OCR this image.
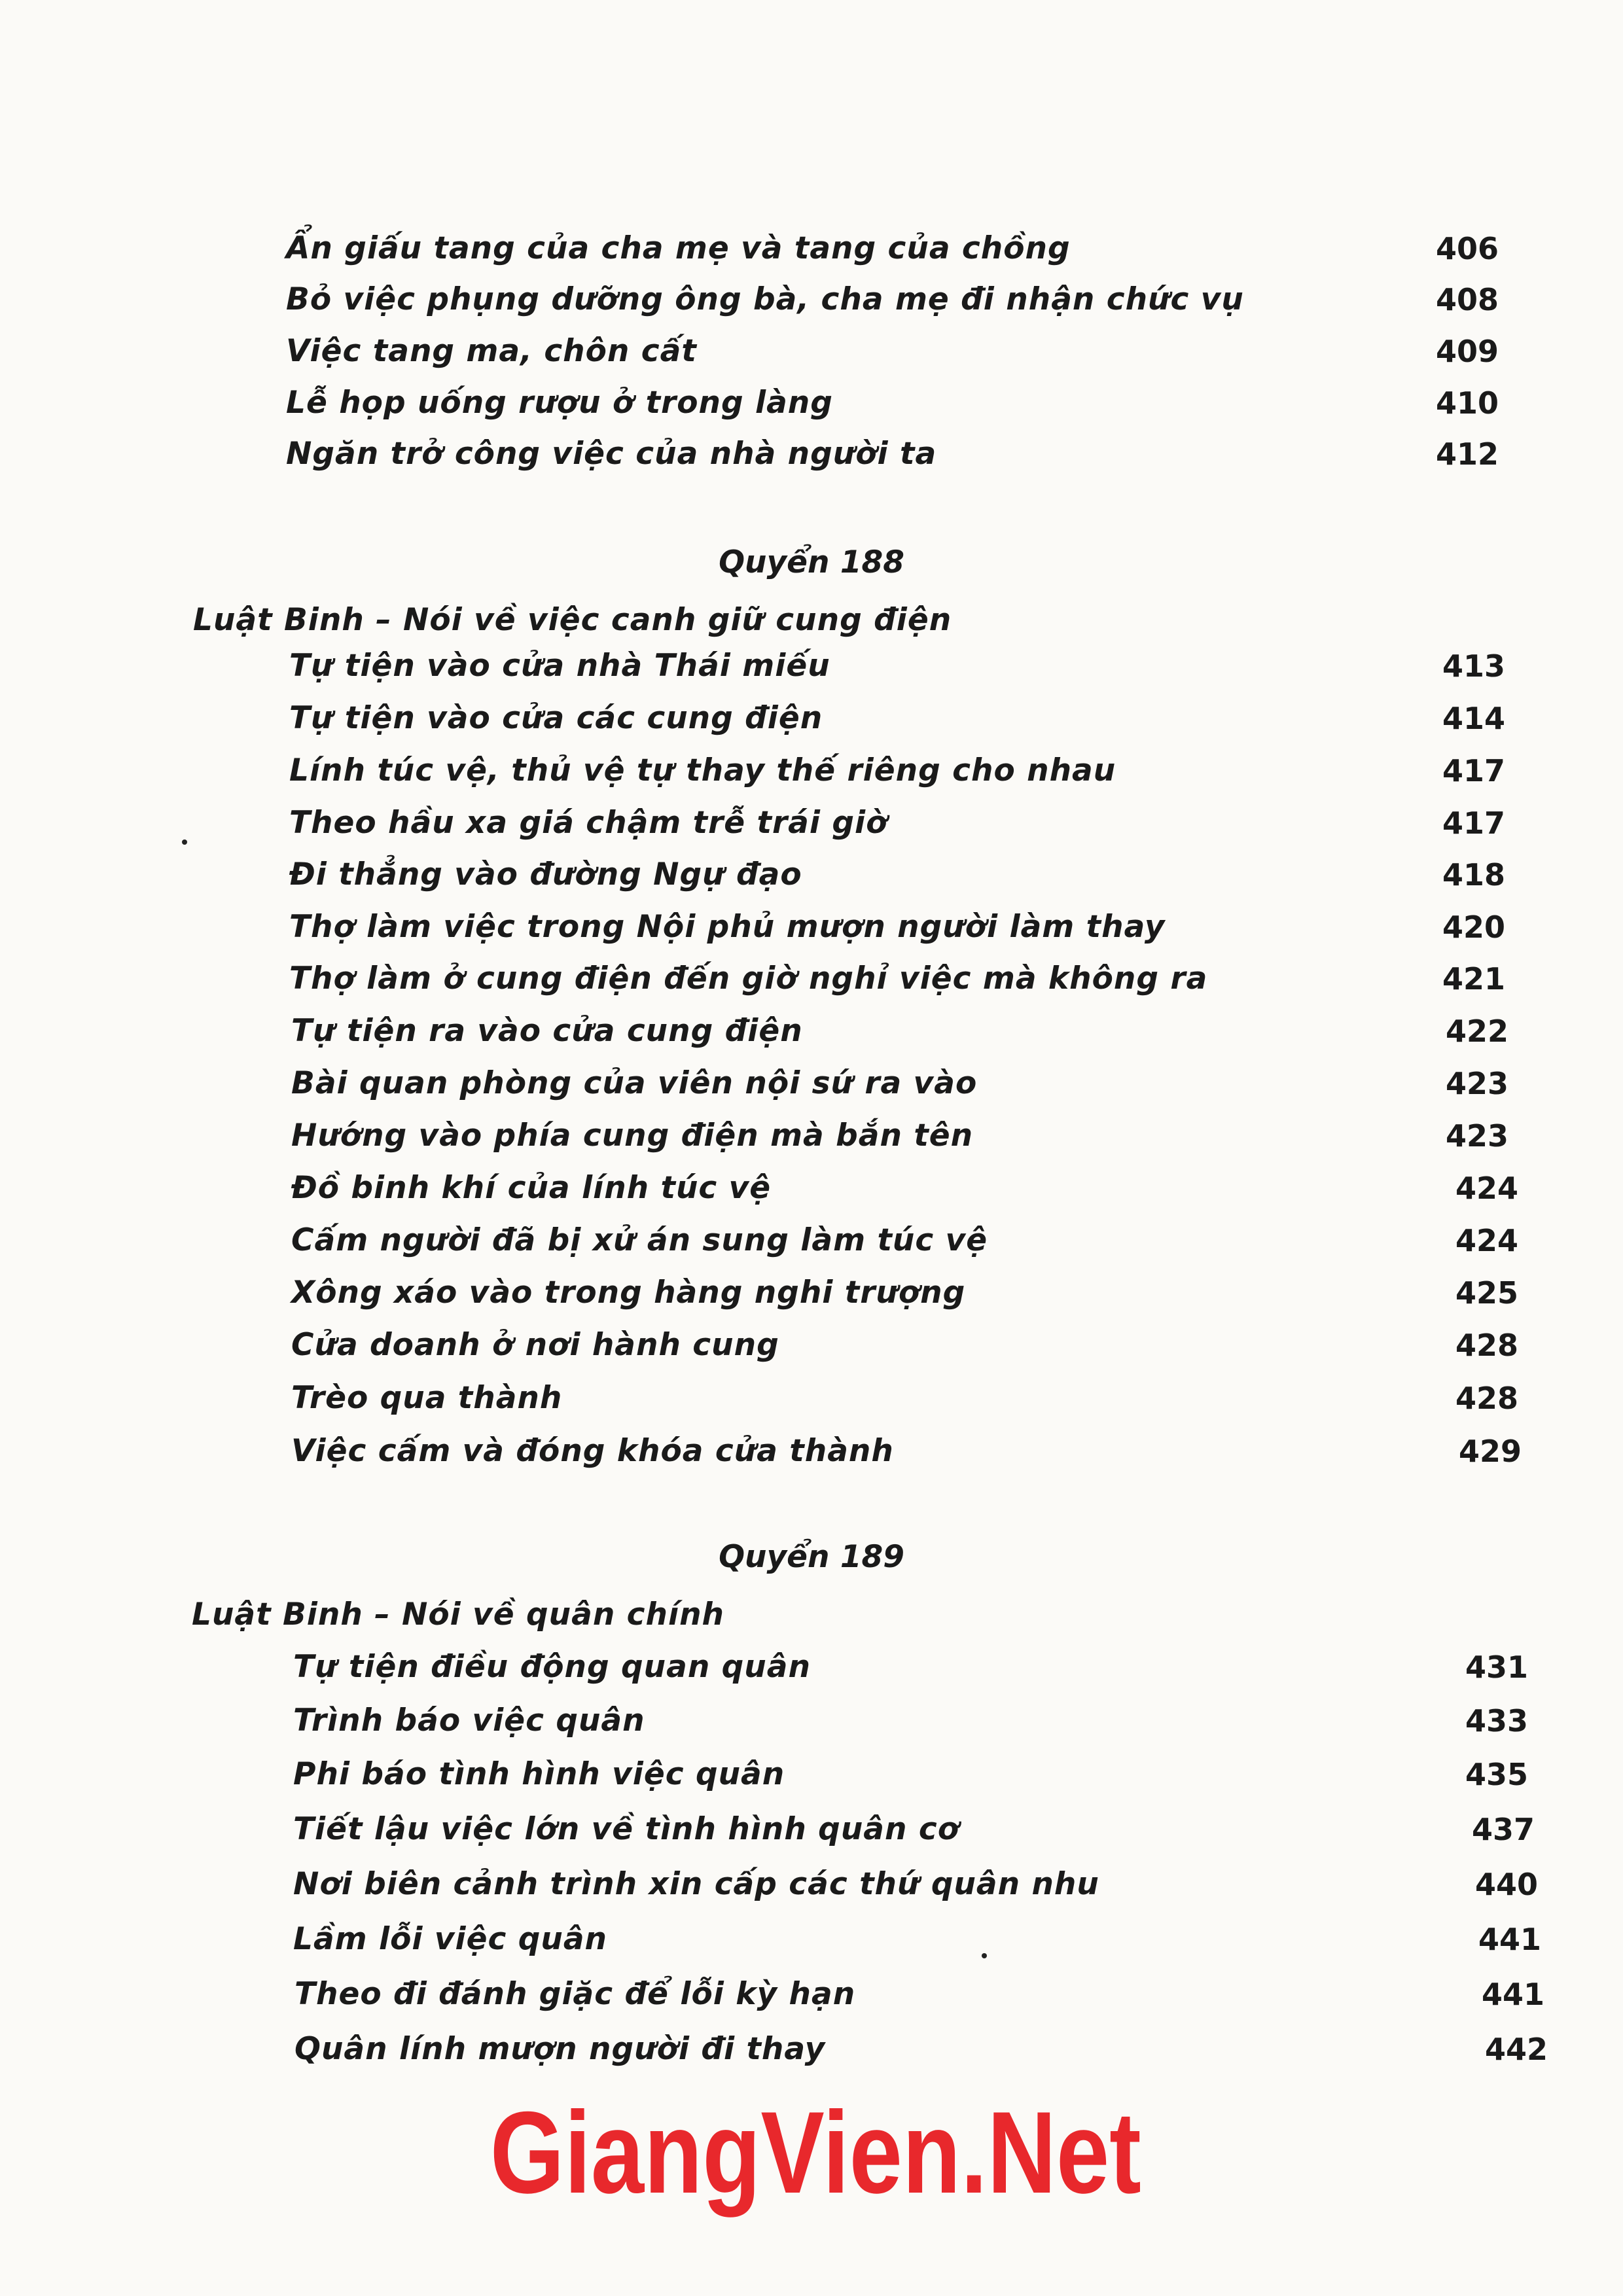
Ẩn giấu tang của cha mẹ và tang của chồng	406
Bỏ việc phụng dưỡng ông bà, cha mẹ đi nhận chức vụ	408
Việc tang ma, chôn cất	409
Lễ họp uống rượu ở trong làng	410
Ngăn trở công việc của nhà người ta	412
Quyển 188
Luật Binh – Nói về việc canh giữ cung điện
Tự tiện vào cửa nhà Thái miếu	413
Tự tiện vào cửa các cung điện	414
Lính túc vệ, thủ vệ tự thay thế riêng cho nhau	417
Theo hầu xa giá chậm trễ trái giờ	417
Đi thẳng vào đường Ngự đạo	418
Thợ làm việc trong Nội phủ mượn người làm thay	420
Thợ làm ở cung điện đến giờ nghỉ việc mà không ra	421
Tự tiện ra vào cửa cung điện	422
Bài quan phòng của viên nội sứ ra vào	423
Hướng vào phía cung điện mà bắn tên	423
Đồ binh khí của lính túc vệ	424
Cấm người đã bị xử án sung làm túc vệ	424
Xông xáo vào trong hàng nghi trượng	425
Cửa doanh ở nơi hành cung	428
Trèo qua thành	428
Việc cấm và đóng khóa cửa thành	429
Quyển 189
Luật Binh – Nói về quân chính
Tự tiện điều động quan quân	431
Trình báo việc quân	433
Phi báo tình hình việc quân	435
Tiết lậu việc lớn về tình hình quân cơ	437
Nơi biên cảnh trình xin cấp các thứ quân nhu	440
Lầm lỗi việc quân	441
Theo đi đánh giặc để lỗi kỳ hạn	441
Quân lính mượn người đi thay	442
GiangVien.Net
